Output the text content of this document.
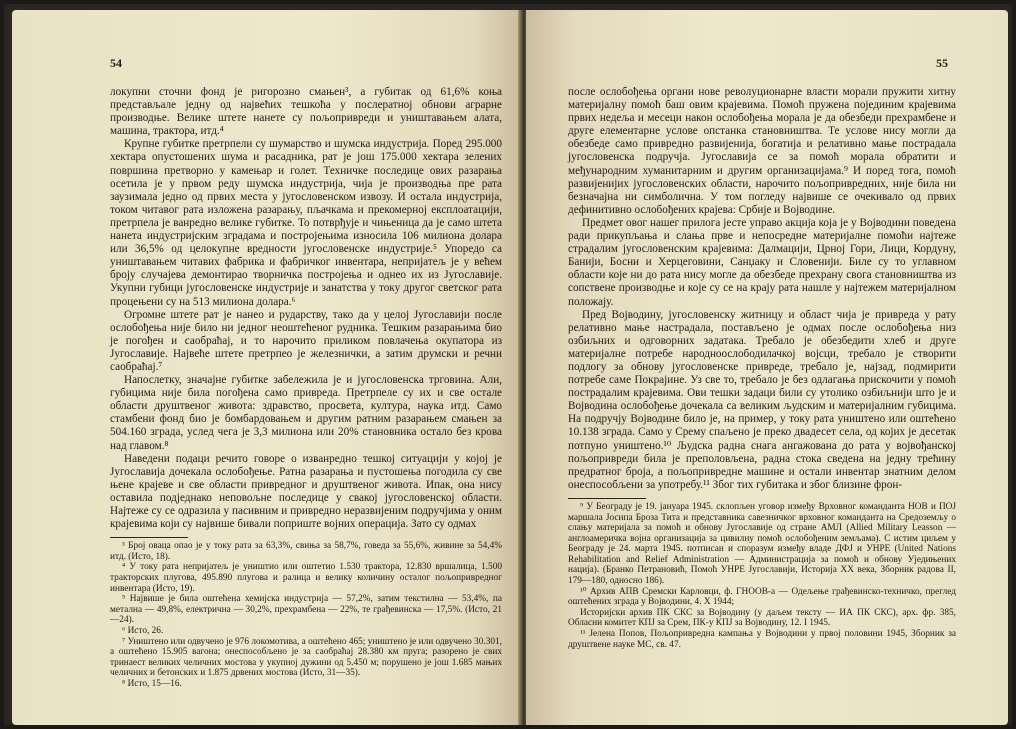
54

локупни сточни фонд је ригорозно смањен³, а губитак од 61,6% коња представљале једну од највећих тешкоћа у послератној обнови аграрне производње. Велике штете нанете су пољопривреди и уништавањем алата, машина, трактора, итд.⁴

Крупне губитке претрпели су шумарство и шумска индустрија. Поред 295.000 хектара опустошених шума и расадника, рат је још 175.000 хектара зелених површина претворио у камењар и голет. Техничке последице ових разарања осетила је у првом реду шумска индустрија, чија је производња пре рата заузимала једно од првих места у југословенском извозу. И остала индустрија, током читавог рата изложена разарању, пљачкама и прекомерној експлоатацији, претрпела је ванредно велике губитке. То потврђује и чињеница да је само штета нанета индустријским зградама и постројењима износила 106 милиона долара или 36,5% од целокупне вредности југословенске индустрије.⁵ Упоредо са уништавањем читавих фабрика и фабричког инвентара, непријатељ је у већем броју случајева демонтирао творничка постројења и однео их из Југославије. Укупни губици југословенске индустрије и занатства у току другог светског рата процењени су на 513 милиона долара.⁶

Огромне штете рат је нанео и рударству, тако да у целој Југославији после ослобођења није било ни једног неоштећеног рудника. Тешким разарањима био је погођен и саобраћај, и то нарочито приликом повлачења окупатора из Југославије. Највеће штете претрпео је железнички, а затим друмски и речни саобраћај.⁷

Напослетку, значајне губитке забележила је и југословенска трговина. Али, губицима није била погођена само привреда. Претрпеле су их и све остале области друштвеног живота: здравство, просвета, култура, наука итд. Само стамбени фонд био је бомбардовањем и другим ратним разарањем смањен за 504.160 зграда, услед чега је 3,3 милиона или 20% становника остало без крова над главом.⁸

Наведени подаци речито говоре о изванредно тешкој ситуацији у којој је Југославија дочекала ослобођење. Ратна разарања и пустошења погодила су све њене крајеве и све области привредног и друштвеног живота. Ипак, она нису оставила подједнако неповољне последице у свакој југословенској области. Најтеже су се одразила у пасивним и привредно неразвијеним подручјима у оним крајевима који су највише бивали поприште војних операција. Зато су одмах

³ Број оваца опао је у току рата за 63,3%, свиња за 58,7%, говеда за 55,6%, живине за 54,4% итд. (Исто, 18).

⁴ У току рата непријатељ је уништио или оштетио 1.530 трактора, 12.830 вршалица, 1.500 тракторских плугова, 495.890 плугова и ралица и велику количину осталог пољопривредног инвентара (Исто, 19).

⁵ Највише је била оштећена хемијска индустрија — 57,2%, затим текстилна — 53,4%, па метална — 49,8%, електрична — 30,2%, прехрамбена — 22%, те грађевинска — 17,5%. (Исто, 21—24).

⁶ Исто, 26.

⁷ Уништено или одвучено је 976 локомотива, а оштећено 465; уништено је или одвучено 30.301, а оштећено 15.905 вагона; онеспособљено је за саобраћај 28.380 км пруга; разорено је свих тринаест великих челичних мостова у укупној дужини од 5.450 м; порушено је још 1.685 мањих челичних и бетонских и 1.875 дрвених мостова (Исто, 31—35).

⁸ Исто, 15—16.

55

после ослобођења органи нове револуционарне власти морали пружити хитну материјалну помоћ баш овим крајевима. Помоћ пружена појединим крајевима првих недеља и месеци након ослобођења морала је да обезбеди прехрамбене и друге елементарне услове опстанка становништва. Те услове нису могли да обезбеде само привредно развијенија, богатија и релативно мање пострадала југословенска подручја. Југославија се за помоћ морала обратити и међународним хуманитарним и другим организацијама.⁹ И поред тога, помоћ развијенијих југословенских области, нарочито пољопривредних, није била ни безначајна ни симболична. У том погледу највише се очекивало од првих дефинитивно ослобођених крајева: Србије и Војводине.

Предмет овог нашег прилога јесте управо акција која је у Војводини поведена ради прикупљања и слања прве и непосредне материјалне помоћи најтеже страдалим југословенским крајевима: Далмацији, Црној Гори, Лици, Кордуну, Банији, Босни и Херцеговини, Санџаку и Словенији. Биле су то углавном области које ни до рата нису могле да обезбеде прехрану свога становништва из сопствене производње и које су се на крају рата нашле у најтежем материјалном положају.

Пред Војводину, југословенску житницу и област чија је привреда у рату релативно мање настрадала, постављено је одмах после ослобођења низ озбиљних и одговорних задатака. Требало је обезбедити хлеб и друге материјалне потребе народноослободилачкој војсци, требало је створити подлогу за обнову југословенске привреде, требало је, најзад, подмирити потребе саме Покрајине. Уз све то, требало је без одлагања прискочити у помоћ пострадалим крајевима. Ови тешки задаци били су утолико озбиљнији што је и Војводина ослобођење дочекала са великим људским и материјалним губицима. На подручју Војводине било је, на пример, у току рата уништено или оштећено 10.138 зграда. Само у Срему спаљено је преко двадесет села, од којих је десетак потпуно уништено.¹⁰ Људска радна снага ангажована до рата у војвођанској пољопривреди била је преполовљена, радна стока сведена на једну трећину предратног броја, а пољопривредне машине и остали инвентар знатним делом онеспособљени за употребу.¹¹ Због тих губитака и због близине фрон-

⁹ У Београду је 19. јануара 1945. склопљен уговор између Врховног команданта НОВ и ПОЈ маршала Јосипа Броза Тита и представника савезничког врховног команданта на Средоземљу о слању материјала за помоћ и обнову Југославије од стране АМЛ (Allied Military Leasson — англоамеричка војна организација за цивилну помоћ ослобођеним земљама). С истим циљем у Београду је 24. марта 1945. потписан и споразум између владе ДФЈ и УНРЕ (United Nations Rehabilitation and Relief Administration — Администрација за помоћ и обнову Уједињених нација). (Бранко Петрановић, Помоћ УНРЕ Југославији, Историја XX века, Зборник радова II, 179—180, односно 186).

¹⁰ Архив АПВ Сремски Карловци, ф. ГНООВ-а — Одељење грађевинско-техничко, преглед оштећених зграда у Војводини, 4. X 1944;

Историјски архив ПК СКС за Војводину (у даљем тексту — ИА ПК СКС), арх. фр. 385, Обласни комитет КПЈ за Срем, ПК-у КПЈ за Војводину, 12. I 1945.

¹¹ Јелена Попов, Пољопривредна кампања у Војводини у првој половини 1945, Зборник за друштвене науке МС, св. 47.
